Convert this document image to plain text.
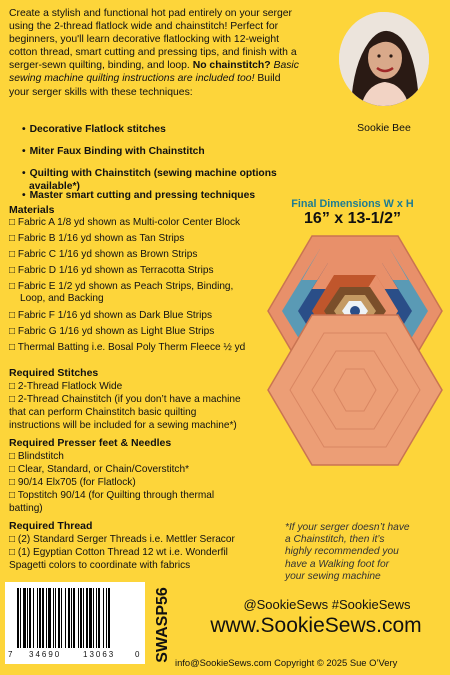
Create a stylish and functional hot pad entirely on your serger
using the 2-thread flatlock wide and chainstitch! Perfect for
beginners, you'll learn decorative flatlocking with 12-weight
cotton thread, smart cutting and pressing tips, and finish with a
serger-sewn quilting, binding, and loop. No chainstitch? Basic
sewing machine quilting instructions are included too! Build
your serger skills with these techniques:
Sookie Bee
• Decorative Flatlock stitches
• Miter Faux Binding with Chainstitch
• Quilting with Chainstitch (sewing machine options available*)
• Master smart cutting and pressing techniques
Final Dimensions W x H
16” x 13-1/2”
Materials
□ Fabric A 1/8 yd shown as Multi-color Center Block
□ Fabric B 1/16 yd shown as Tan Strips
□ Fabric C 1/16 yd shown as Brown Strips
□ Fabric D 1/16 yd shown as Terracotta Strips
□ Fabric E 1/2 yd shown as Peach Strips, Binding,
Loop, and Backing
□ Fabric F 1/16 yd shown as Dark Blue Strips
□ Fabric G 1/16 yd shown as Light Blue Strips
□ Thermal Batting i.e. Bosal Poly Therm Fleece ½ yd
Required Stitches
□ 2-Thread Flatlock Wide
□ 2-Thread Chainstitch (if you don’t have a machine
that can perform Chainstitch basic quilting
instructions will be included for a sewing machine*)
Required Presser feet & Needles
□ Blindstitch
□ Clear, Standard, or Chain/Coverstitch*
□ 90/14 Elx705 (for Flatlock)
□ Topstitch 90/14 (for Quilting through thermal
batting)
Required Thread
□ (2) Standard Serger Threads i.e. Mettler Seracor
□ (1) Egyptian Cotton Thread 12 wt i.e. Wonderfil
Spagetti colors to coordinate with fabrics
*If your serger doesn’t have
a Chainstitch, then it’s
highly recommended you
have a Walking foot for
your sewing machine
7 34690	13063 0 SWASP56	@SookieSews #SookieSews
www.SookieSews.com
info@SookieSews.com Copyright © 2025 Sue O’Very
